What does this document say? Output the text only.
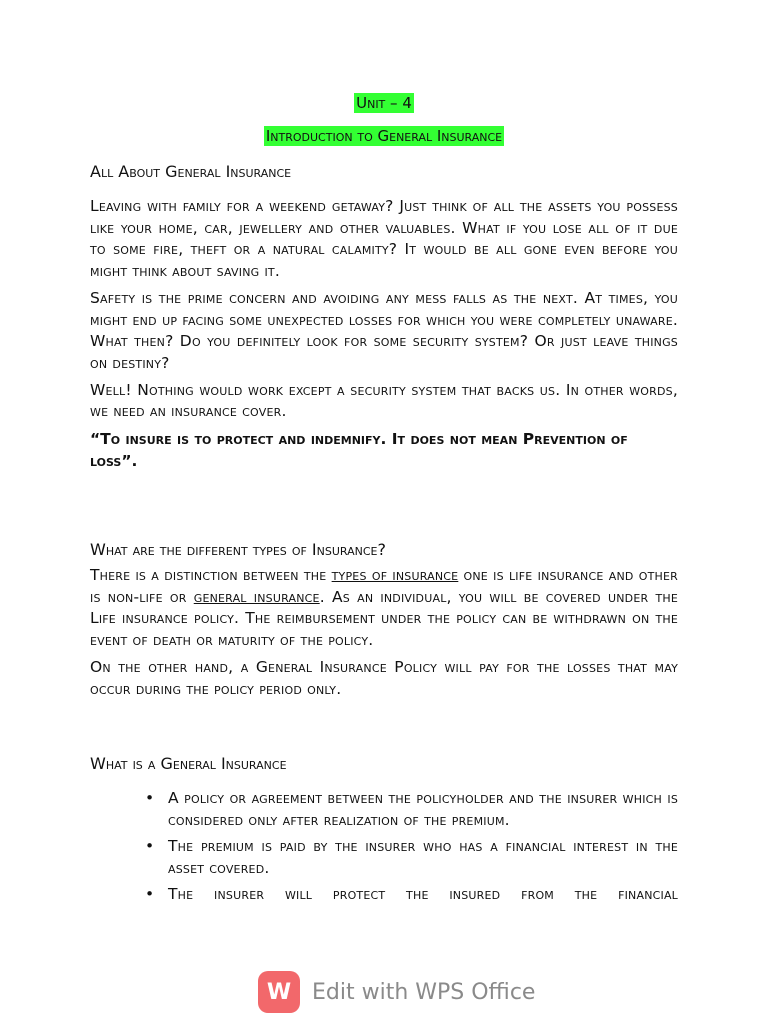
Unit – 4
Introduction to General Insurance
All About General Insurance

Leaving with family for a weekend getaway? Just think of all the assets you possess like your home, car, jewellery and other valuables. What if you lose all of it due to some fire, theft or a natural calamity? It would be all gone even before you might think about saving it.

Safety is the prime concern and avoiding any mess falls as the next. At times, you might end up facing some unexpected losses for which you were completely unaware. What then? Do you definitely look for some security system? Or just leave things on destiny?

Well! Nothing would work except a security system that backs us. In other words, we need an insurance cover.

“To insure is to protect and indemnify. It does not mean Prevention of loss”.

What are the different types of Insurance?

There is a distinction between the types of insurance one is life insurance and other is non-life or general insurance. As an individual, you will be covered under the Life insurance policy. The reimbursement under the policy can be withdrawn on the event of death or maturity of the policy.

On the other hand, a General Insurance Policy will pay for the losses that may occur during the policy period only.

What is a General Insurance
• A policy or agreement between the policyholder and the insurer which is considered only after realization of the premium.
• The premium is paid by the insurer who has a financial interest in the asset covered.
• The insurer will protect the insured from the financial
W Edit with WPS Office
